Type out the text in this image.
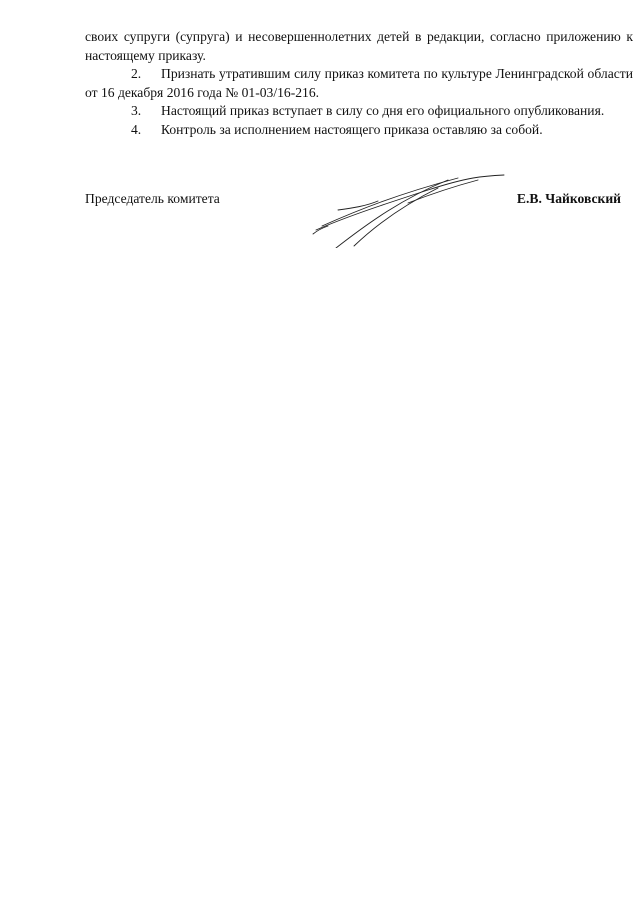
своих супруги (супруга) и несовершеннолетних детей в редакции, согласно приложению к настоящему приказу.

2. Признать утратившим силу приказ комитета по культуре Ленинградской области от 16 декабря 2016 года № 01-03/16-216.

3. Настоящий приказ вступает в силу со дня его официального опубликования.

4. Контроль за исполнением настоящего приказа оставляю за собой.

Председатель комитета	Е.В. Чайковский
